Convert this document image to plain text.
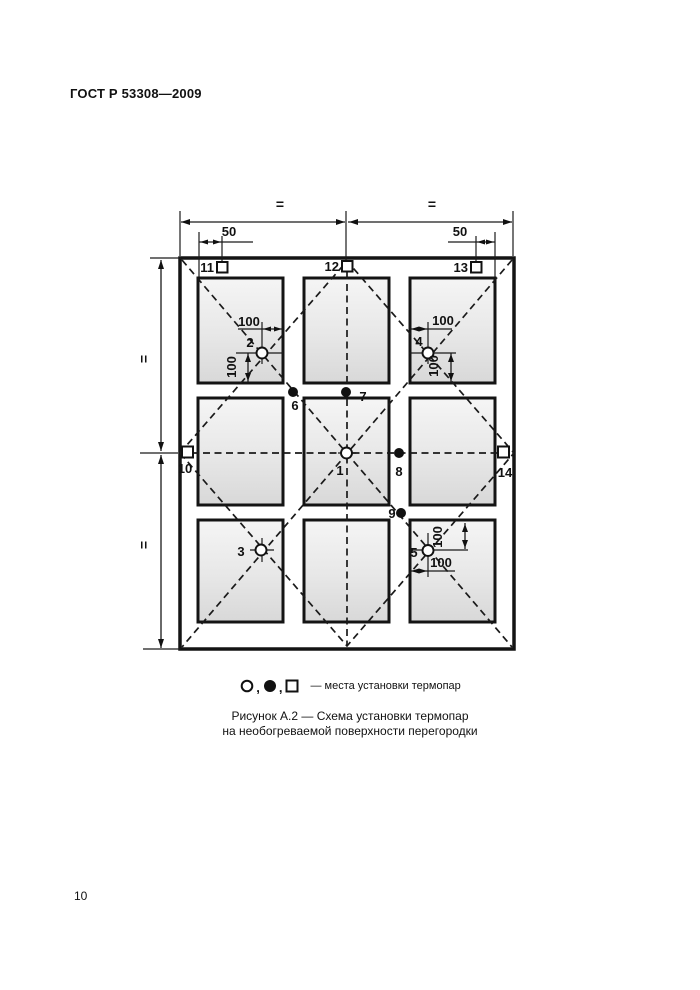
ГОСТ Р 53308—2009
11	12	13
10	14
1
2
3
4
5
6
7
8
9
50	50
100	100
100
100	100
100
=	=
=
=
, ,	— места установки термопар
Рисунок А.2 — Схема установки термопар
на необогреваемой поверхности перегородки
10
